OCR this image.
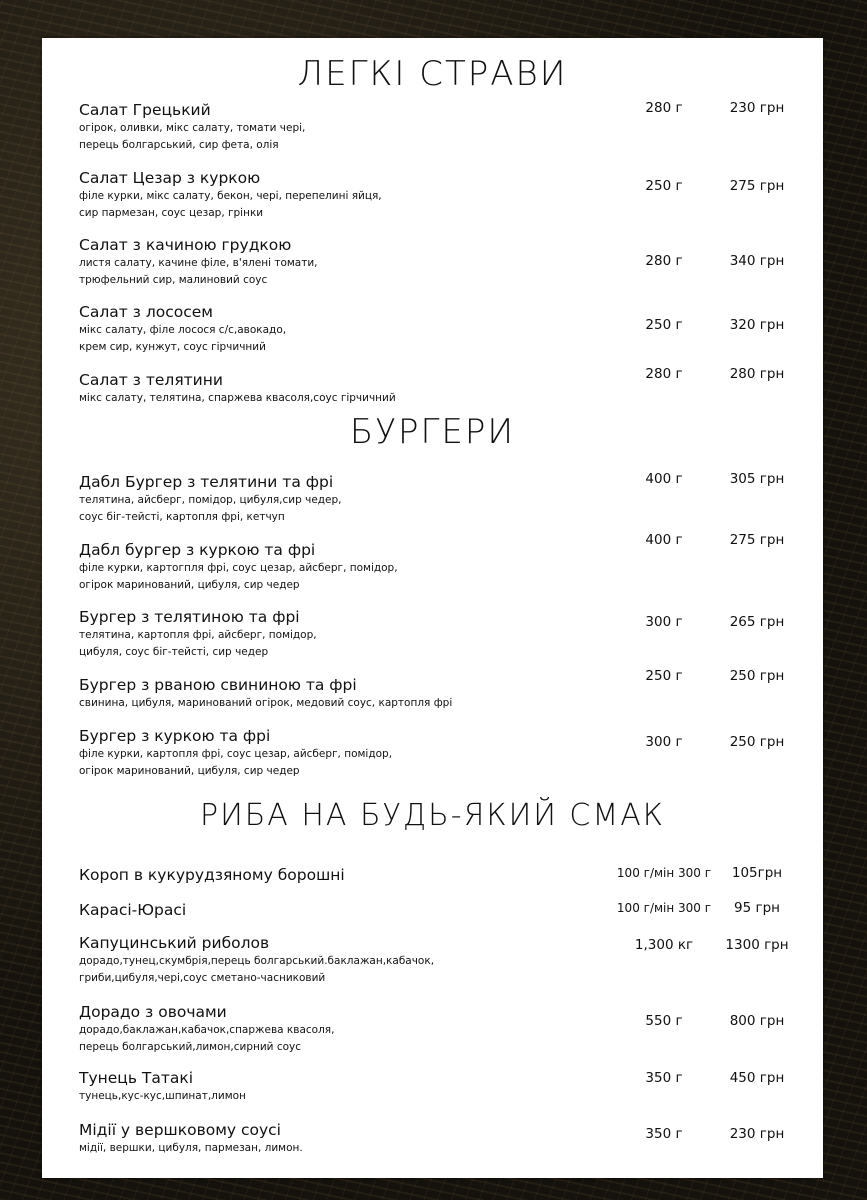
ЛЕГКІ СТРАВИ
Салат Грецький
огірок, оливки, мікс салату, томати чері,
перець болгарський, сир фета, олія
280 г	230 грн
Салат Цезар з куркою
філе курки, мікс салату, бекон, чері, перепелині яйця,
сир пармезан, соус цезар, грінки
250 г	275 грн
Салат з качиною грудкою
листя салату, качине філе, в'ялені томати,
трюфельний сир, малиновий соус
280 г	340 грн
Салат з лососем
мікс салату, філе лосося с/с,авокадо,
крем сир, кунжут, соус гірчичний
250 г	320 грн
Салат з телятини
мікс салату, телятина, спаржева квасоля,соус гірчичний
280 г	280 грн
БУРГЕРИ
Дабл Бургер з телятини та фрі
телятина, айсберг, помідор, цибуля,сир чедер,
соус біг-тейсті, картопля фрі, кетчуп
400 г	305 грн
Дабл бургер з куркою та фрі
філе курки, картогпля фрі, соус цезар, айсберг, помідор,
огірок маринований, цибуля, сир чедер
400 г	275 грн
Бургер з телятиною та фрі
телятина, картопля фрі, айсберг, помідор,
цибуля, соус біг-тейсті, сир чедер
300 г	265 грн
Бургер з рваною свининою та фрі
свинина, цибуля, маринований огірок, медовий соус, картопля фрі
250 г	250 грн
Бургер з куркою та фрі
філе курки, картопля фрі, соус цезар, айсберг, помідор,
огірок маринований, цибуля, сир чедер
300 г	250 грн
РИБА НА БУДЬ-ЯКИЙ СМАК
Короп в кукурудзяному борошні	100 г/мін 300 г	105грн
Карасі-Юрасі	100 г/мін 300 г	95 грн
Капуцинський риболов
дорадо,тунец,скумбрія,перець болгарський.баклажан,кабачок,
гриби,цибуля,чері,соус сметано-часниковий
1,300 кг	1300 грн
Дорадо з овочами
дорадо,баклажан,кабачок,спаржева квасоля,
перець болгарський,лимон,сирний соус
550 г	800 грн
Тунець Татакі
тунець,кус-кус,шпинат,лимон
350 г	450 грн
Мідії у вершковому соусі
мідії, вершки, цибуля, пармезан, лимон.
350 г	230 грн
